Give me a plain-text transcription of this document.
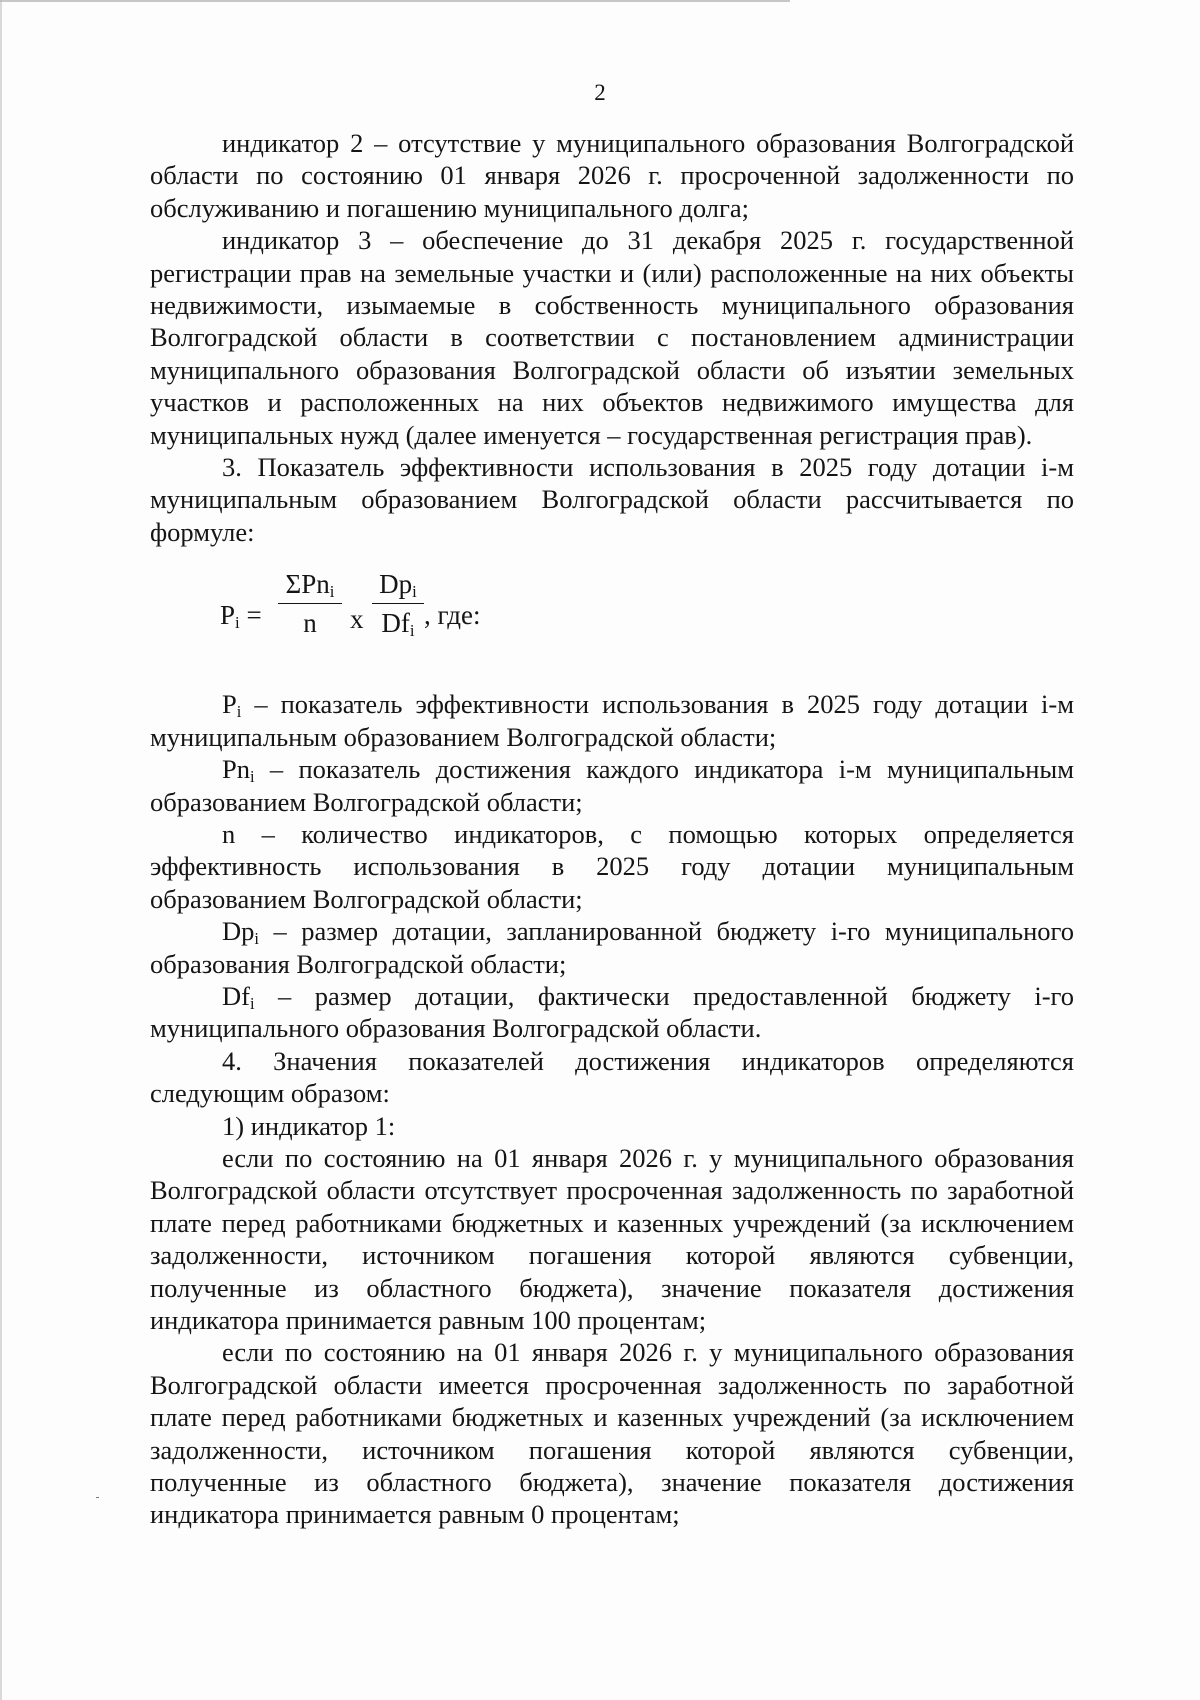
2

индикатор 2 – отсутствие у муниципального образования Волгоградской области по состоянию 01 января 2026 г. просроченной задолженности по обслуживанию и погашению муниципального долга;

индикатор 3 – обеспечение до 31 декабря 2025 г. государственной регистрации прав на земельные участки и (или) расположенные на них объекты недвижимости, изымаемые в собственность муниципального образования Волгоградской области в соответствии с постановлением администрации муниципального образования Волгоградской области об изъятии земельных участков и расположенных на них объектов недвижимого имущества для муниципальных нужд (далее именуется – государственная регистрация прав).

3. Показатель эффективности использования в 2025 году дотации i-м муниципальным образованием Волгоградской области рассчитывается по формуле:

$P_i$ =
ΣPn$_i$
n	x
$Dp_i$
$Df_i$
, где:

$P_i$ – показатель эффективности использования в 2025 году дотации i-м муниципальным образованием Волгоградской области;

$Pn_i$ – показатель достижения каждого индикатора i-м муниципальным образованием Волгоградской области;

n – количество индикаторов, с помощью которых определяется эффективность использования в 2025 году дотации муниципальным образованием Волгоградской области;

$Dp_i$ – размер дотации, запланированной бюджету i-го муниципального образования Волгоградской области;

$Df_i$ – размер дотации, фактически предоставленной бюджету i-го муниципального образования Волгоградской области.

4. Значения показателей достижения индикаторов определяются следующим образом:

1) индикатор 1:

если по состоянию на 01 января 2026 г. у муниципального образования Волгоградской области отсутствует просроченная задолженность по заработной плате перед работниками бюджетных и казенных учреждений (за исключением задолженности, источником погашения которой являются субвенции, полученные из областного бюджета), значение показателя достижения индикатора принимается равным 100 процентам;

если по состоянию на 01 января 2026 г. у муниципального образования Волгоградской области имеется просроченная задолженность по заработной плате перед работниками бюджетных и казенных учреждений (за исключением задолженности, источником погашения которой являются субвенции, полученные из областного бюджета), значение показателя достижения индикатора принимается равным 0 процентам;
